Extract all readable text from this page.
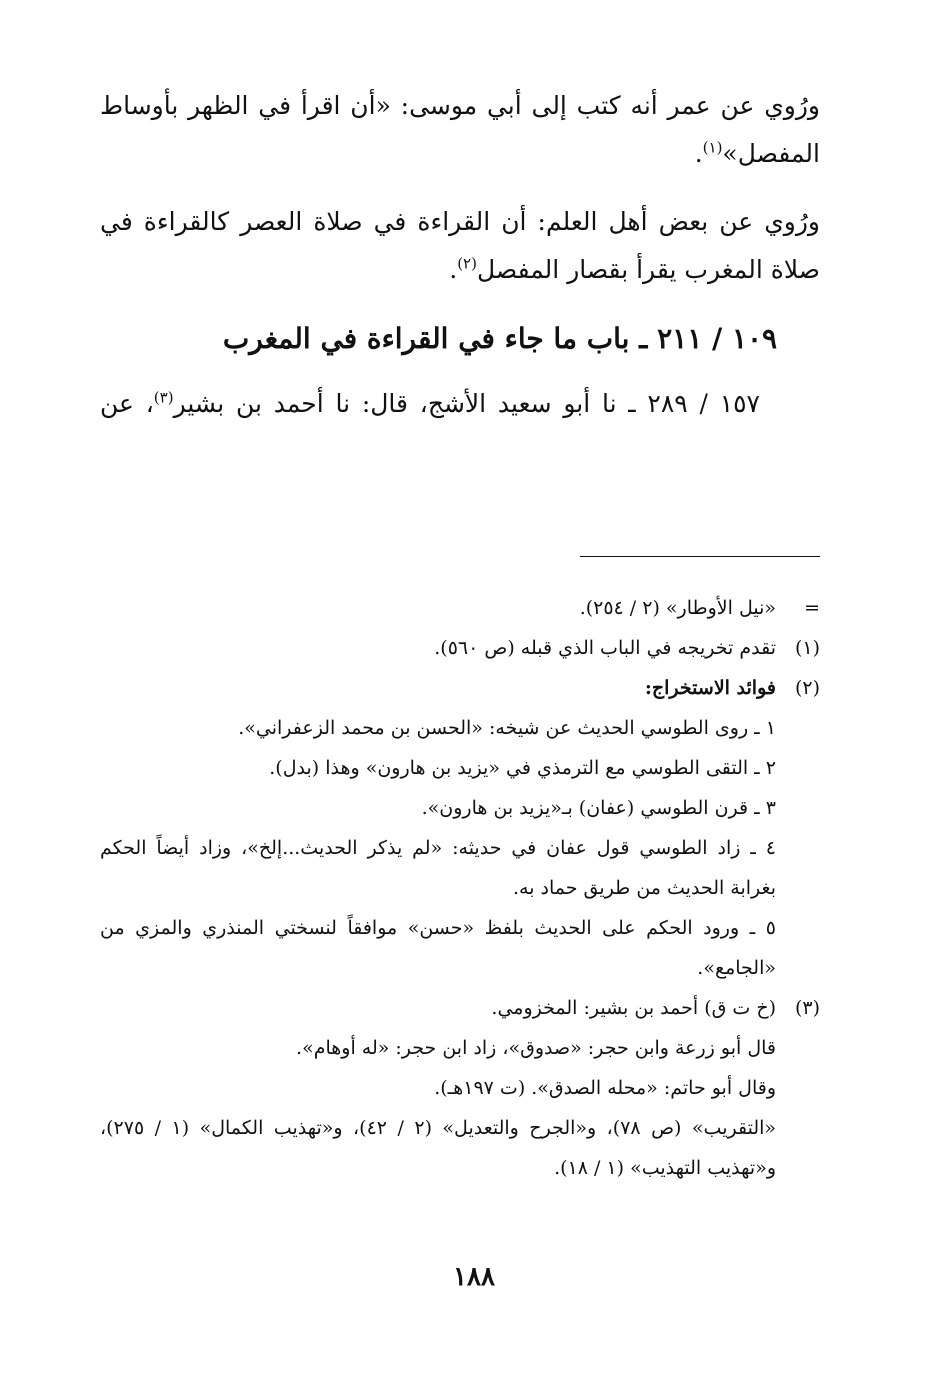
ورُوي عن عمر أنه كتب إلى أبي موسى: «أن اقرأ في الظهر بأوساط المفصل»$^{(١)}$.

ورُوي عن بعض أهل العلم: أن القراءة في صلاة العصر كالقراءة في صلاة المغرب يقرأ بقصار المفصل$^{(٢)}$.

١٠٩ / ٢١١ ـ باب ما جاء في القراءة في المغرب

١٥٧ / ٢٨٩ ـ نا أبو سعيد الأشج، قال: نا أحمد بن بشير$^{(٣)}$، عن

=«نيل الأوطار» (٢ / ٢٥٤).

(١)تقدم تخريجه في الباب الذي قبله (ص ٥٦٠).

(٢)فوائد الاستخراج:

١ ـ روى الطوسي الحديث عن شيخه: «الحسن بن محمد الزعفراني».

٢ ـ التقى الطوسي مع الترمذي في «يزيد بن هارون» وهذا (بدل).

٣ ـ قرن الطوسي (عفان) بـ«يزيد بن هارون».

٤ ـ زاد الطوسي قول عفان في حديثه: «لم يذكر الحديث...إلخ»، وزاد أيضاً الحكم بغرابة الحديث من طريق حماد به.

٥ ـ ورود الحكم على الحديث بلفظ «حسن» موافقاً لنسختي المنذري والمزي من «الجامع».

(٣)(خ ت ق) أحمد بن بشير: المخزومي.

قال أبو زرعة وابن حجر: «صدوق»، زاد ابن حجر: «له أوهام».

وقال أبو حاتم: «محله الصدق». (ت ١٩٧هـ).

«التقريب» (ص ٧٨)، و«الجرح والتعديل» (٢ / ٤٢)، و«تهذيب الكمال» (١ / ٢٧٥)، و«تهذيب التهذيب» (١ / ١٨).

١٨٨
